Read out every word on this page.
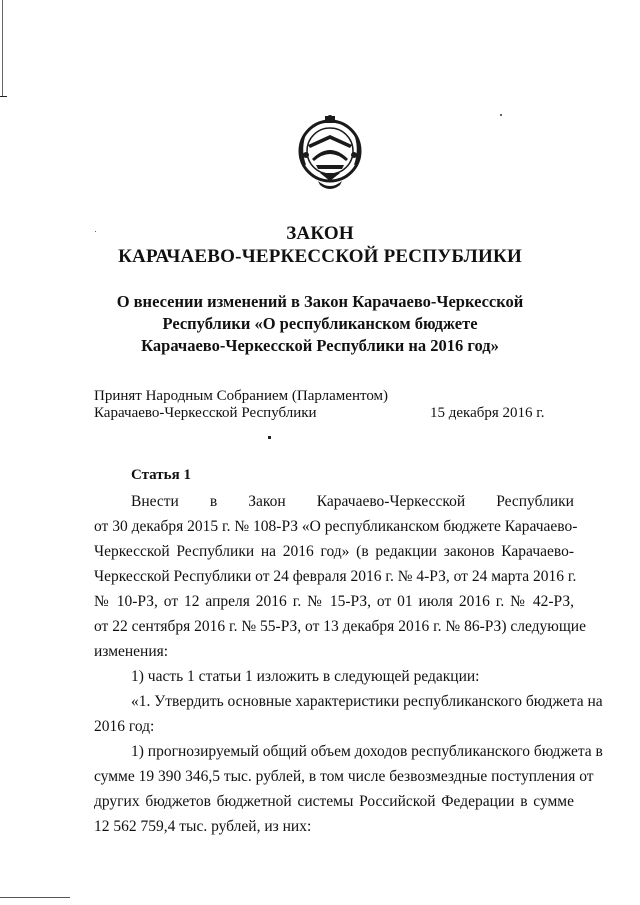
ЗАКОН
КАРАЧАЕВО-ЧЕРКЕССКОЙ РЕСПУБЛИКИ
О внесении изменений в Закон Карачаево-Черкесской
Республики «О республиканском бюджете
Карачаево-Черкесской Республики на 2016 год»
Принят Народным Собранием (Парламентом)
Карачаево-Черкесской Республики	15 декабря 2016 г.
Статья 1
Внести в Закон Карачаево-Черкесской Республики
от 30 декабря 2015 г. № 108-РЗ «О республиканском бюджете Карачаево-
Черкесской Республики на 2016 год» (в редакции законов Карачаево-
Черкесской Республики от 24 февраля 2016 г. № 4-РЗ, от 24 марта 2016 г.
№ 10-РЗ, от 12 апреля 2016 г. № 15-РЗ, от 01 июля 2016 г. № 42-РЗ,
от 22 сентября 2016 г. № 55-РЗ, от 13 декабря 2016 г. № 86-РЗ) следующие
изменения:
1) часть 1 статьи 1 изложить в следующей редакции:
«1. Утвердить основные характеристики республиканского бюджета на
2016 год:
1) прогнозируемый общий объем доходов республиканского бюджета в
сумме 19 390 346,5 тыс. рублей, в том числе безвозмездные поступления от
других бюджетов бюджетной системы Российской Федерации в сумме
12 562 759,4 тыс. рублей, из них:
